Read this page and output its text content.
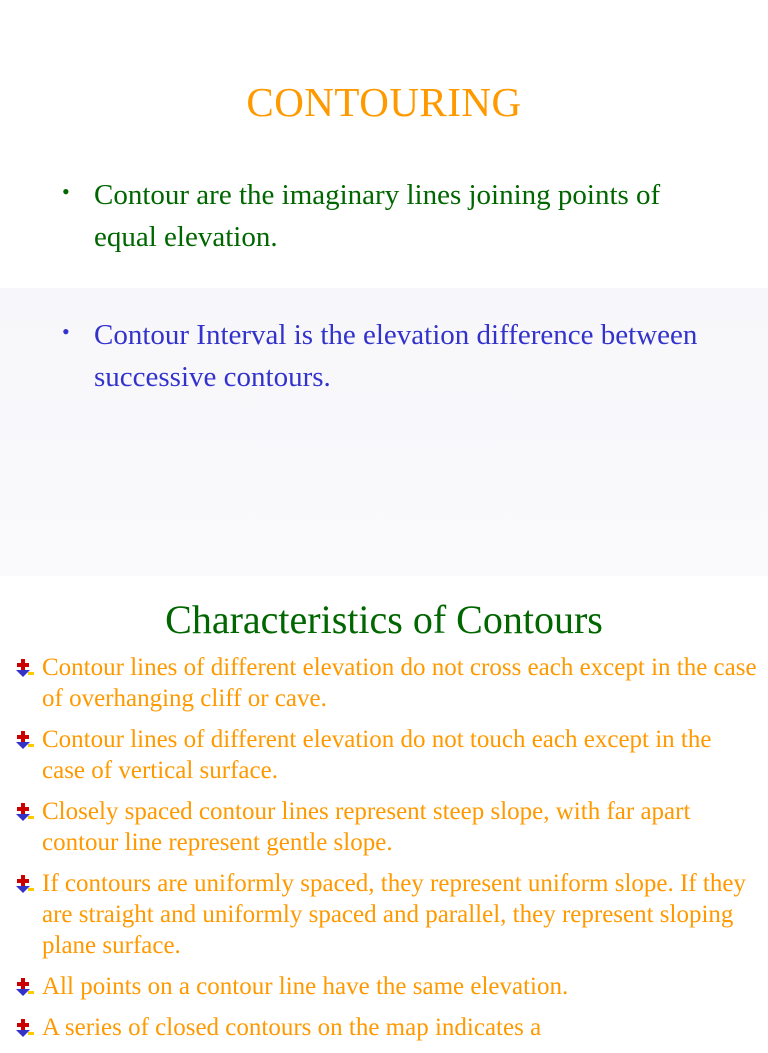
CONTOURING
• Contour are the imaginary lines joining points of equal elevation.
• Contour Interval is the elevation difference between successive contours.
Characteristics of Contours
Contour lines of different elevation do not cross each except in the case of overhanging cliff or cave.
Contour lines of different elevation do not touch each except in the case of vertical surface.
Closely spaced contour lines represent steep slope, with far apart contour line represent gentle slope.
If contours are uniformly spaced, they represent uniform slope. If they are straight and uniformly spaced and parallel, they represent sloping plane surface.
All points on a contour line have the same elevation.
A series of closed contours on the map indicates a
